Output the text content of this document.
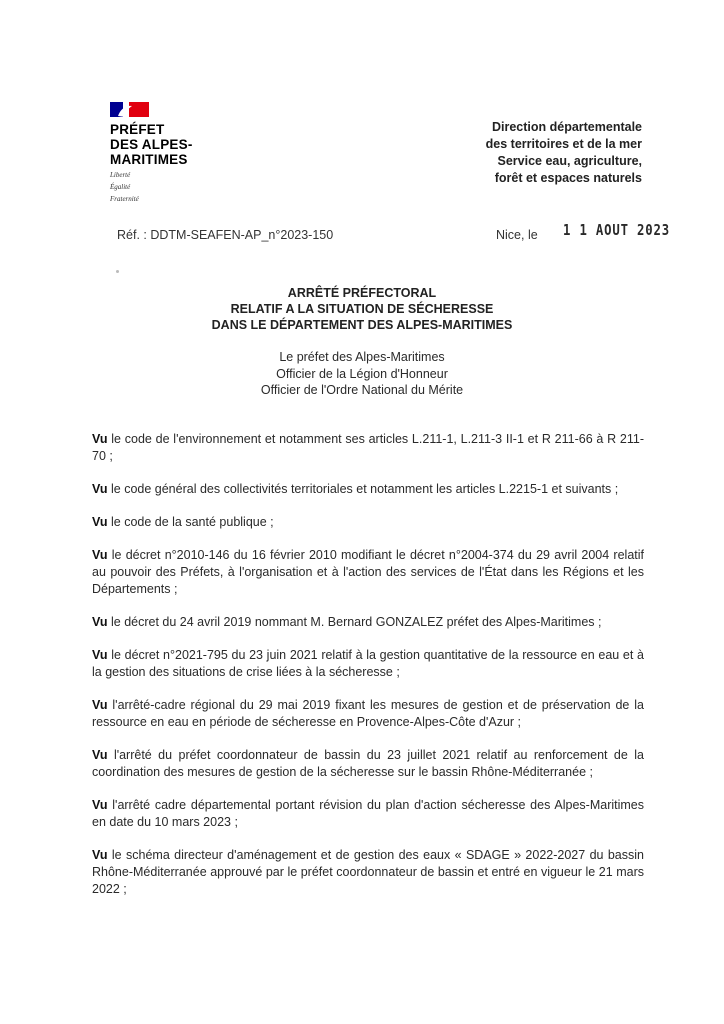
PRÉFET
DES ALPES-
MARITIMES
Liberté
Égalité
Fraternité
Direction départementale
des territoires et de la mer
Service eau, agriculture,
forêt et espaces naturels
Réf. : DDTM-SEAFEN-AP_n°2023-150	Nice, le 1 1 AOUT 2023
ARRÊTÉ PRÉFECTORAL
RELATIF A LA SITUATION DE SÉCHERESSE
DANS LE DÉPARTEMENT DES ALPES-MARITIMES
Le préfet des Alpes-Maritimes
Officier de la Légion d'Honneur
Officier de l'Ordre National du Mérite

Vu le code de l'environnement et notamment ses articles L.211-1, L.211-3 II-1 et R 211-66 à R 211-70 ;

Vu le code général des collectivités territoriales et notamment les articles L.2215-1 et suivants ;

Vu le code de la santé publique ;

Vu le décret n°2010-146 du 16 février 2010 modifiant le décret n°2004-374 du 29 avril 2004 relatif au pouvoir des Préfets, à l'organisation et à l'action des services de l'État dans les Régions et les Départements ;

Vu le décret du 24 avril 2019 nommant M. Bernard GONZALEZ préfet des Alpes-Maritimes ;

Vu le décret n°2021-795 du 23 juin 2021 relatif à la gestion quantitative de la ressource en eau et à la gestion des situations de crise liées à la sécheresse ;

Vu l'arrêté-cadre régional du 29 mai 2019 fixant les mesures de gestion et de préservation de la ressource en eau en période de sécheresse en Provence-Alpes-Côte d'Azur ;

Vu l'arrêté du préfet coordonnateur de bassin du 23 juillet 2021 relatif au renforcement de la coordination des mesures de gestion de la sécheresse sur le bassin Rhône-Méditerranée ;

Vu l'arrêté cadre départemental portant révision du plan d'action sécheresse des Alpes-Maritimes en date du 10 mars 2023 ;

Vu le schéma directeur d'aménagement et de gestion des eaux « SDAGE » 2022-2027 du bassin Rhône-Méditerranée approuvé par le préfet coordonnateur de bassin et entré en vigueur le 21 mars 2022 ;
